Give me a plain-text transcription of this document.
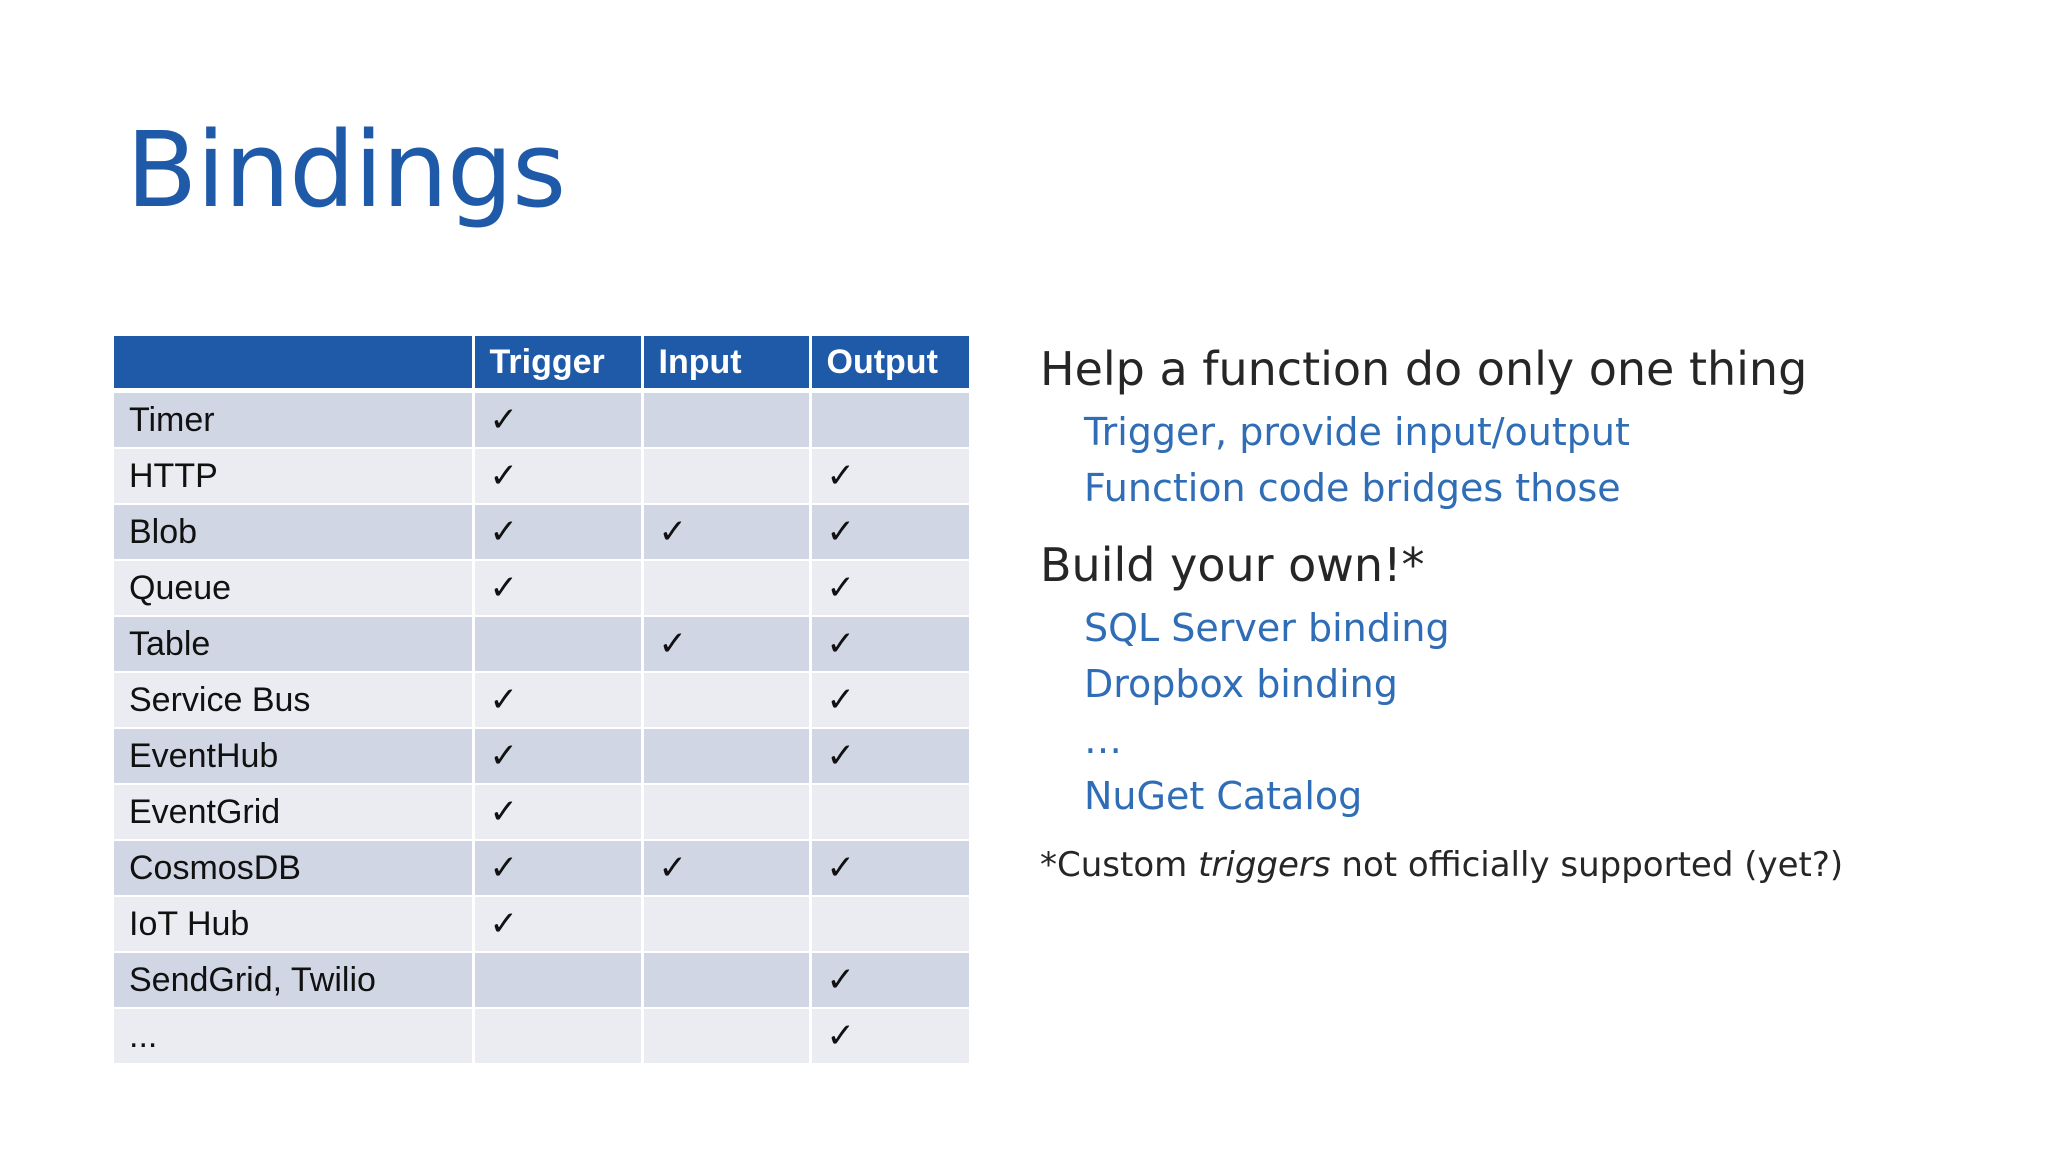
Bindings
	Trigger	Input	Output
Timer	✓		
HTTP	✓		✓
Blob	✓	✓	✓
Queue	✓		✓
Table		✓	✓
Service Bus	✓		✓
EventHub	✓		✓
EventGrid	✓		
CosmosDB	✓	✓	✓
IoT Hub	✓		
SendGrid, Twilio			✓
...			✓

Help a function do only one thing

Trigger, provide input/output

Function code bridges those

Build your own!*

SQL Server binding

Dropbox binding

…

NuGet Catalog

*Custom triggers not officially supported (yet?)
